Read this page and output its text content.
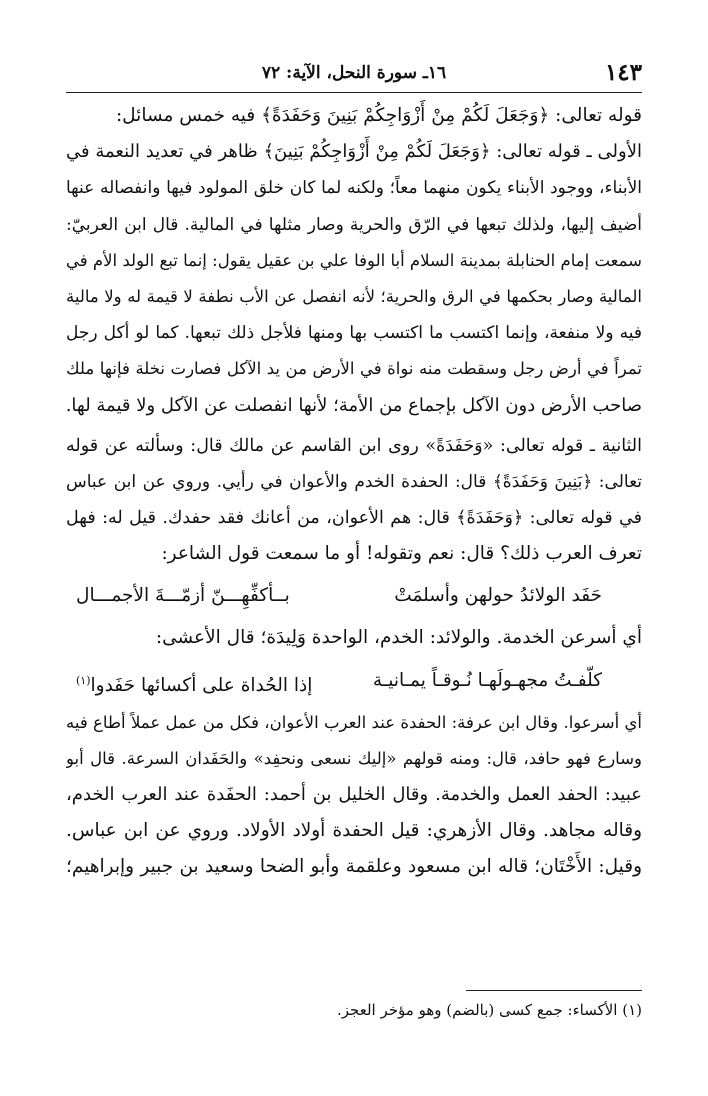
١٤٣
١٦ـ سورة النحل، الآية: ٧٢
قوله تعالى: ﴿وَجَعَلَ لَكُمْ مِنْ أَزْوَاجِكُمْ بَنِينَ وَحَفَدَةً﴾ فيه خمس مسائل:
الأولى ـ قوله تعالى: ﴿وَجَعَلَ لَكُمْ مِنْ أَزْوَاجِكُمْ بَنِينَ﴾ ظاهر في تعديد النعمة في
الأبناء، ووجود الأبناء يكون منهما معاً؛ ولكنه لما كان خلق المولود فيها وانفصاله عنها
أضيف إليها، ولذلك تبعها في الرّق والحرية وصار مثلها في المالية. قال ابن العربيّ:
سمعت إمام الحنابلة بمدينة السلام أبا الوفا علي بن عقيل يقول: إنما تبع الولد الأم في
المالية وصار بحكمها في الرق والحرية؛ لأنه انفصل عن الأب نطفة لا قيمة له ولا مالية
فيه ولا منفعة، وإنما اكتسب ما اكتسب بها ومنها فلأجل ذلك تبعها. كما لو أكل رجل
تمراً في أرض رجل وسقطت منه نواة في الأرض من يد الآكل فصارت نخلة فإنها ملك
صاحب الأرض دون الآكل بإجماع من الأمة؛ لأنها انفصلت عن الآكل ولا قيمة لها.
الثانية ـ قوله تعالى: «وَحَفَدَةً» روى ابن القاسم عن مالك قال: وسألته عن قوله
تعالى: ﴿بَنِينَ وَحَفَدَةً﴾ قال: الحفدة الخدم والأعوان في رأيي. وروي عن ابن عباس
في قوله تعالى: ﴿وَحَفَدَةً﴾ قال: هم الأعوان، من أعانك فقد حفدك. قيل له: فهل
تعرف العرب ذلك؟ قال: نعم وتقوله! أو ما سمعت قول الشاعر:
حَفَد الولائدُ حولهن وأسلمَتْ
بــأكفِّهِـــنّ أزمّـــةَ الأجمـــال
أي أسرعن الخدمة. والولائد: الخدم، الواحدة وَلِيدَة؛ قال الأعشى:
كلّفـتُ مجهـولَهـا نُـوقـاً يمـانيـة
إذا الحُداة على أكسائها حَفَدوا$^{(١)}$
أي أسرعوا. وقال ابن عرفة: الحفدة عند العرب الأعوان، فكل من عمل عملاً أطاع فيه
وسارع فهو حافد، قال: ومنه قولهم «إليك نسعى ونحفِد» والحَفَدان السرعة. قال أبو
عبيد: الحفد العمل والخدمة. وقال الخليل بن أحمد: الحفَدة عند العرب الخدم،
وقاله مجاهد. وقال الأزهري: قيل الحفدة أولاد الأولاد. وروي عن ابن عباس.
وقيل: الأَخْتَان؛ قاله ابن مسعود وعلقمة وأبو الضحا وسعيد بن جبير وإبراهيم؛
(١) الأكساء: جمع كسى (بالضم) وهو مؤخر العجز.
